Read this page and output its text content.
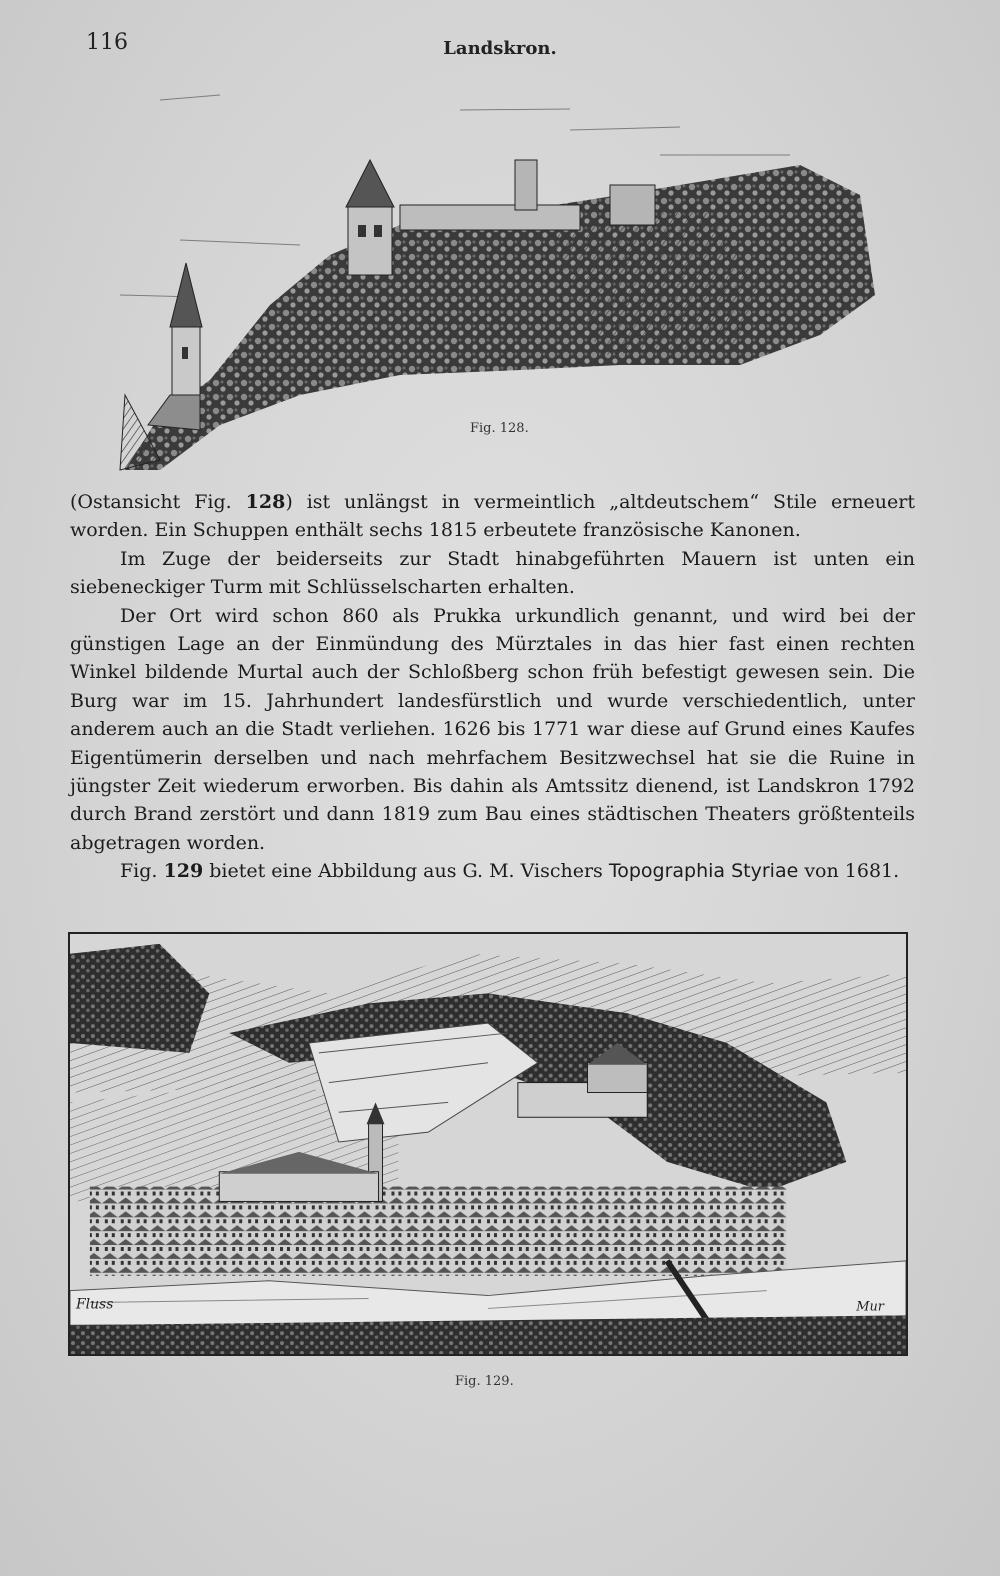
116	Landskron.
Fig. 128.

(Ostansicht Fig. 128) ist unlängst in vermeintlich „altdeutschem“ Stile erneuert worden. Ein Schuppen enthält sechs 1815 erbeutete französische Kanonen.

Im Zuge der beiderseits zur Stadt hinabgeführten Mauern ist unten ein siebeneckiger Turm mit Schlüsselscharten erhalten.

Der Ort wird schon 860 als Prukka urkundlich genannt, und wird bei der günstigen Lage an der Einmündung des Mürztales in das hier fast einen rechten Winkel bildende Murtal auch der Schloßberg schon früh befestigt gewesen sein. Die Burg war im 15. Jahrhundert landesfürstlich und wurde verschiedentlich, unter anderem auch an die Stadt verliehen. 1626 bis 1771 war diese auf Grund eines Kaufes Eigentümerin derselben und nach mehrfachem Besitzwechsel hat sie die Ruine in jüngster Zeit wiederum erworben. Bis dahin als Amtssitz dienend, ist Landskron 1792 durch Brand zerstört und dann 1819 zum Bau eines städtischen Theaters größtenteils abgetragen worden.

Fig. 129 bietet eine Abbildung aus G. M. Vischers Topographia Styriae von 1681.

Fluss	Mur
Fig. 129.
